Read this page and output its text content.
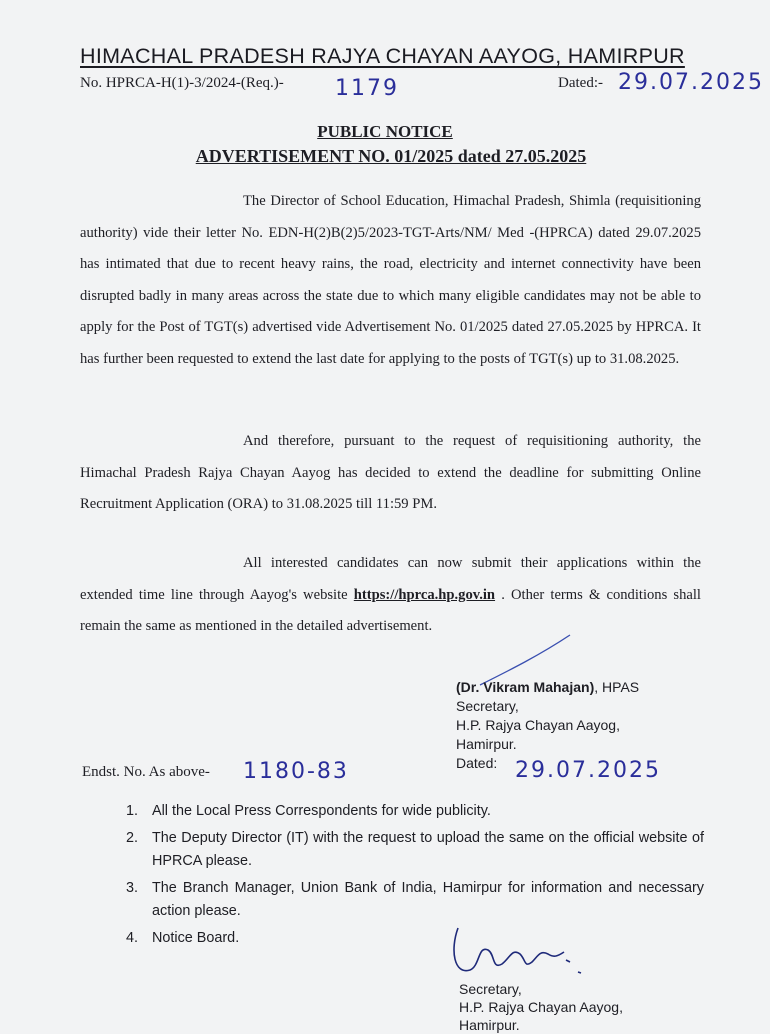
HIMACHAL PRADESH RAJYA CHAYAN AAYOG, HAMIRPUR
No. HPRCA-H(1)-3/2024-(Req.)- 1179	Dated:- 29.07.2025
PUBLIC NOTICE
ADVERTISEMENT NO. 01/2025 dated 27.05.2025
The Director of School Education, Himachal Pradesh, Shimla (requisitioning authority) vide their letter No. EDN-H(2)B(2)5/2023-TGT-Arts/NM/ Med -(HPRCA) dated 29.07.2025 has intimated that due to recent heavy rains, the road, electricity and internet connectivity have been disrupted badly in many areas across the state due to which many eligible candidates may not be able to apply for the Post of TGT(s) advertised vide Advertisement No. 01/2025 dated 27.05.2025 by HPRCA. It has further been requested to extend the last date for applying to the posts of TGT(s) up to 31.08.2025.
And therefore, pursuant to the request of requisitioning authority, the Himachal Pradesh Rajya Chayan Aayog has decided to extend the deadline for submitting Online Recruitment Application (ORA) to 31.08.2025 till 11:59 PM.
All interested candidates can now submit their applications within the extended time line through Aayog's website https://hprca.hp.gov.in . Other terms & conditions shall remain the same as mentioned in the detailed advertisement.
(Dr. Vikram Mahajan), HPAS
Secretary,
H.P. Rajya Chayan Aayog,
Hamirpur.
Dated: 29.07.2025
Endst. No. As above- 1180-83
1. All the Local Press Correspondents for wide publicity.
2. The Deputy Director (IT) with the request to upload the same on the official website of HPRCA please.
3. The Branch Manager, Union Bank of India, Hamirpur for information and necessary action please.
4. Notice Board.
Secretary,
H.P. Rajya Chayan Aayog,
Hamirpur.
